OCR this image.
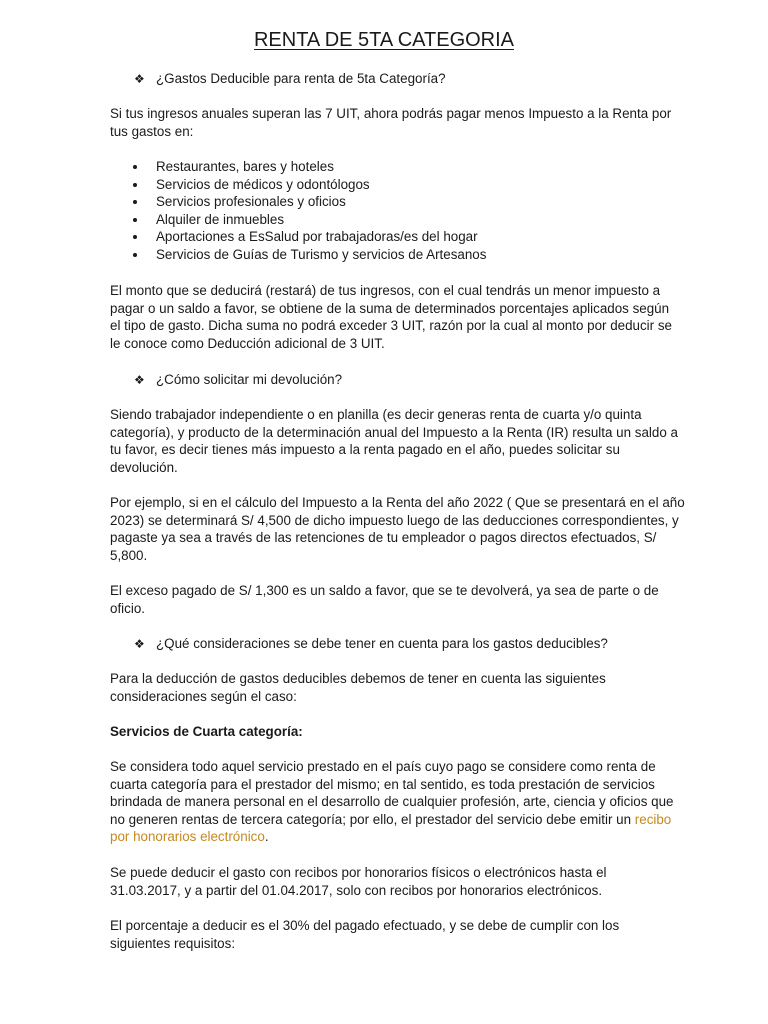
RENTA DE 5TA CATEGORIA
❖ ¿Gastos Deducible para renta de 5ta Categoría?

Si tus ingresos anuales superan las 7 UIT, ahora podrás pagar menos Impuesto a la Renta por tus gastos en:

Restaurantes, bares y hoteles
Servicios de médicos y odontólogos
Servicios profesionales y oficios
Alquiler de inmuebles
Aportaciones a EsSalud por trabajadoras/es del hogar
Servicios de Guías de Turismo y servicios de Artesanos

El monto que se deducirá (restará) de tus ingresos, con el cual tendrás un menor impuesto a pagar o un saldo a favor, se obtiene de la suma de determinados porcentajes aplicados según el tipo de gasto. Dicha suma no podrá exceder 3 UIT, razón por la cual al monto por deducir se le conoce como Deducción adicional de 3 UIT.

❖ ¿Cómo solicitar mi devolución?

Siendo trabajador independiente o en planilla (es decir generas renta de cuarta y/o quinta categoría), y producto de la determinación anual del Impuesto a la Renta (IR) resulta un saldo a tu favor, es decir tienes más impuesto a la renta pagado en el año, puedes solicitar su devolución.

Por ejemplo, si en el cálculo del Impuesto a la Renta del año 2022 ( Que se presentará en el año 2023) se determinará S/ 4,500 de dicho impuesto luego de las deducciones correspondientes, y pagaste ya sea a través de las retenciones de tu empleador o pagos directos efectuados, S/ 5,800.

El exceso pagado de S/ 1,300 es un saldo a favor, que se te devolverá, ya sea de parte o de oficio.

❖ ¿Qué consideraciones se debe tener en cuenta para los gastos deducibles?

Para la deducción de gastos deducibles debemos de tener en cuenta las siguientes consideraciones según el caso:

Servicios de Cuarta categoría:

Se considera todo aquel servicio prestado en el país cuyo pago se considere como renta de cuarta categoría para el prestador del mismo; en tal sentido, es toda prestación de servicios brindada de manera personal en el desarrollo de cualquier profesión, arte, ciencia y oficios que no generen rentas de tercera categoría; por ello, el prestador del servicio debe emitir un recibo por honorarios electrónico.

Se puede deducir el gasto con recibos por honorarios físicos o electrónicos hasta el 31.03.2017, y a partir del 01.04.2017, solo con recibos por honorarios electrónicos.

El porcentaje a deducir es el 30% del pagado efectuado, y se debe de cumplir con los siguientes requisitos:
